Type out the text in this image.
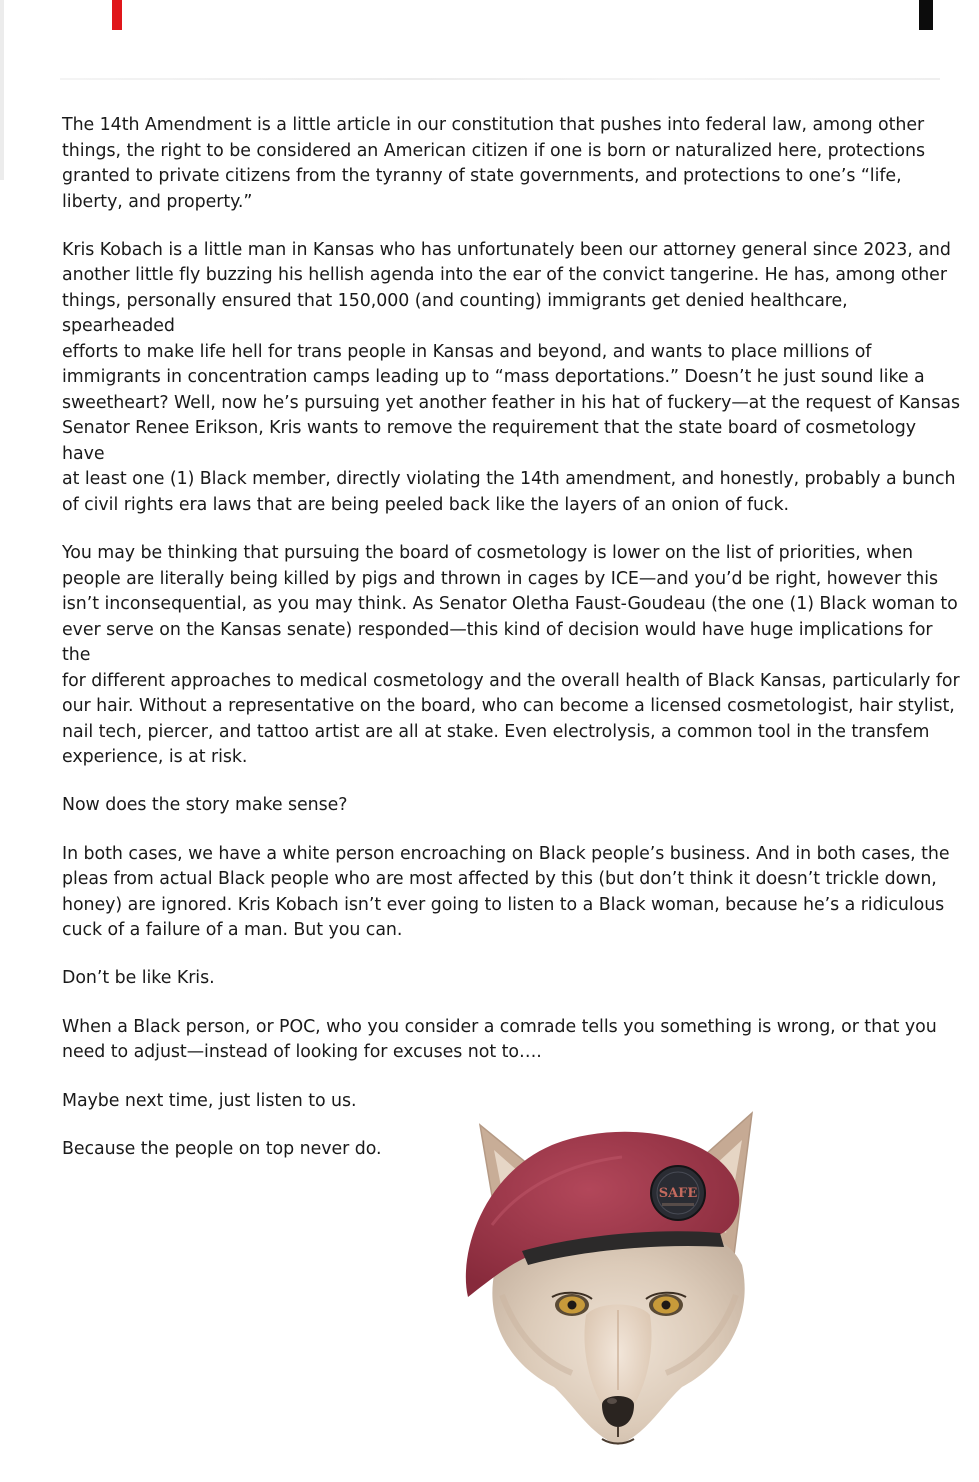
The 14th Amendment is a little article in our constitution that pushes into federal law, among other
things, the right to be considered an American citizen if one is born or naturalized here, protections
granted to private citizens from the tyranny of state governments, and protections to one’s “life,
liberty, and property.”

Kris Kobach is a little man in Kansas who has unfortunately been our attorney general since 2023, and
another little fly buzzing his hellish agenda into the ear of the convict tangerine. He has, among other
things, personally ensured that 150,000 (and counting) immigrants get denied healthcare, spearheaded
efforts to make life hell for trans people in Kansas and beyond, and wants to place millions of
immigrants in concentration camps leading up to “mass deportations.” Doesn’t he just sound like a
sweetheart? Well, now he’s pursuing yet another feather in his hat of fuckery—at the request of Kansas
Senator Renee Erikson, Kris wants to remove the requirement that the state board of cosmetology have
at least one (1) Black member, directly violating the 14th amendment, and honestly, probably a bunch
of civil rights era laws that are being peeled back like the layers of an onion of fuck.

You may be thinking that pursuing the board of cosmetology is lower on the list of priorities, when
people are literally being killed by pigs and thrown in cages by ICE—and you’d be right, however this
isn’t inconsequential, as you may think. As Senator Oletha Faust-Goudeau (the one (1) Black woman to
ever serve on the Kansas senate) responded—this kind of decision would have huge implications for the
for different approaches to medical cosmetology and the overall health of Black Kansas, particularly for
our hair. Without a representative on the board, who can become a licensed cosmetologist, hair stylist,
nail tech, piercer, and tattoo artist are all at stake. Even electrolysis, a common tool in the transfem
experience, is at risk.

Now does the story make sense?

In both cases, we have a white person encroaching on Black people’s business. And in both cases, the
pleas from actual Black people who are most affected by this (but don’t think it doesn’t trickle down,
honey) are ignored. Kris Kobach isn’t ever going to listen to a Black woman, because he’s a ridiculous
cuck of a failure of a man. But you can.

Don’t be like Kris.

When a Black person, or POC, who you consider a comrade tells you something is wrong, or that you
need to adjust—instead of looking for excuses not to….

Maybe next time, just listen to us.

Because the people on top never do.

SAFE
